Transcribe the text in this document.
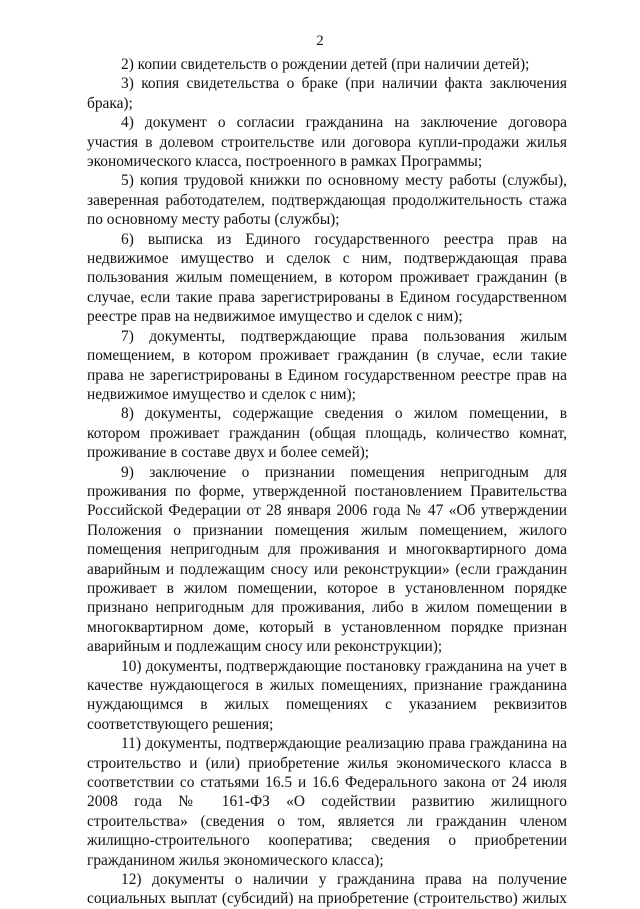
2

2) копии свидетельств о рождении детей (при наличии детей);

3) копия свидетельства о браке (при наличии факта заключения брака);

4) документ о согласии гражданина на заключение договора участия в долевом строительстве или договора купли-продажи жилья экономического класса, построенного в рамках Программы;

5) копия трудовой книжки по основному месту работы (службы), заверенная работодателем, подтверждающая продолжительность стажа по основному месту работы (службы);

6) выписка из Единого государственного реестра прав на недвижимое имущество и сделок с ним, подтверждающая права пользования жилым помещением, в котором проживает гражданин (в случае, если такие права зарегистрированы в Едином государственном реестре прав на недвижимое имущество и сделок с ним);

7) документы, подтверждающие права пользования жилым помещением, в котором проживает гражданин (в случае, если такие права не зарегистрированы в Едином государственном реестре прав на недвижимое имущество и сделок с ним);

8) документы, содержащие сведения о жилом помещении, в котором проживает гражданин (общая площадь, количество комнат, проживание в составе двух и более семей);

9) заключение о признании помещения непригодным для проживания по форме, утвержденной постановлением Правительства Российской Федерации от 28 января 2006 года № 47 «Об утверждении Положения о признании помещения жилым помещением, жилого помещения непригодным для проживания и многоквартирного дома аварийным и подлежащим сносу или реконструкции» (если гражданин проживает в жилом помещении, которое в установленном порядке признано непригодным для проживания, либо в жилом помещении в многоквартирном доме, который в установленном порядке признан аварийным и подлежащим сносу или реконструкции);

10) документы, подтверждающие постановку гражданина на учет в качестве нуждающегося в жилых помещениях, признание гражданина нуждающимся в жилых помещениях с указанием реквизитов соответствующего решения;

11) документы, подтверждающие реализацию права гражданина на строительство и (или) приобретение жилья экономического класса в соответствии со статьями 16.5 и 16.6 Федерального закона от 24 июля 2008 года № 161-ФЗ «О содействии развитию жилищного строительства» (сведения о том, является ли гражданин членом жилищно-строительного кооператива; сведения о приобретении гражданином жилья экономического класса);

12) документы о наличии у гражданина права на получение социальных выплат (субсидий) на приобретение (строительство) жилых
